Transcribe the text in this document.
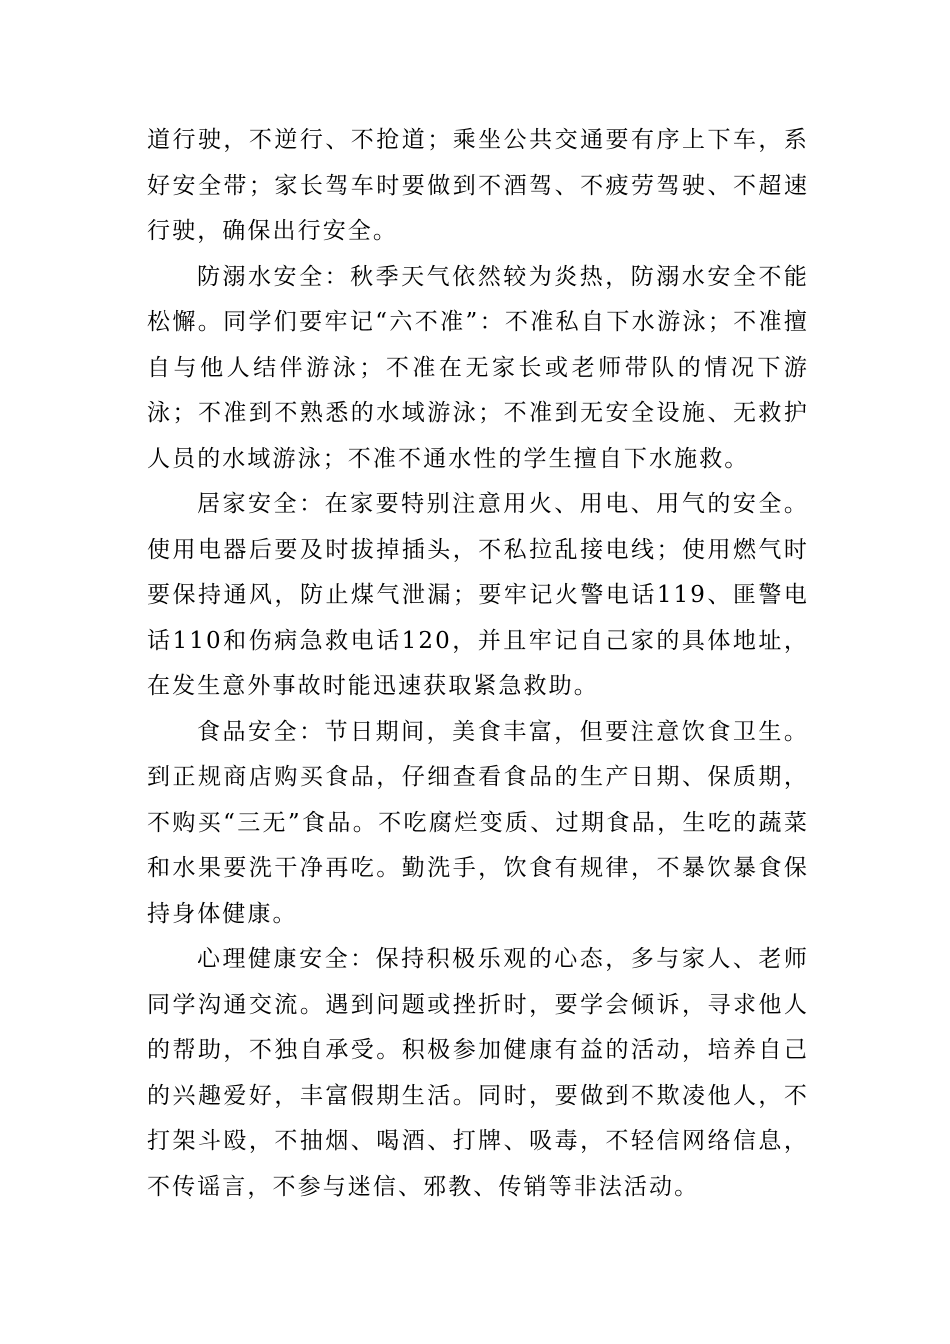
道行驶，不逆行、不抢道；乘坐公共交通要有序上下车，系好安全带；家长驾车时要做到不酒驾、不疲劳驾驶、不超速行驶，确保出行安全。

防溺水安全：秋季天气依然较为炎热，防溺水安全不能松懈。同学们要牢记“六不准”：不准私自下水游泳；不准擅自与他人结伴游泳；不准在无家长或老师带队的情况下游泳；不准到不熟悉的水域游泳；不准到无安全设施、无救护人员的水域游泳；不准不通水性的学生擅自下水施救。

居家安全：在家要特别注意用火、用电、用气的安全。使用电器后要及时拔掉插头，不私拉乱接电线；使用燃气时要保持通风，防止煤气泄漏；要牢记火警电话119、匪警电话110和伤病急救电话120，并且牢记自己家的具体地址，在发生意外事故时能迅速获取紧急救助。

食品安全：节日期间，美食丰富，但要注意饮食卫生。到正规商店购买食品，仔细查看食品的生产日期、保质期，不购买“三无”食品。不吃腐烂变质、过期食品，生吃的蔬菜和水果要洗干净再吃。勤洗手，饮食有规律，不暴饮暴食保持身体健康。

心理健康安全：保持积极乐观的心态，多与家人、老师同学沟通交流。遇到问题或挫折时，要学会倾诉，寻求他人的帮助，不独自承受。积极参加健康有益的活动，培养自己的兴趣爱好，丰富假期生活。同时，要做到不欺凌他人，不打架斗殴，不抽烟、喝酒、打牌、吸毒，不轻信网络信息，不传谣言，不参与迷信、邪教、传销等非法活动。
